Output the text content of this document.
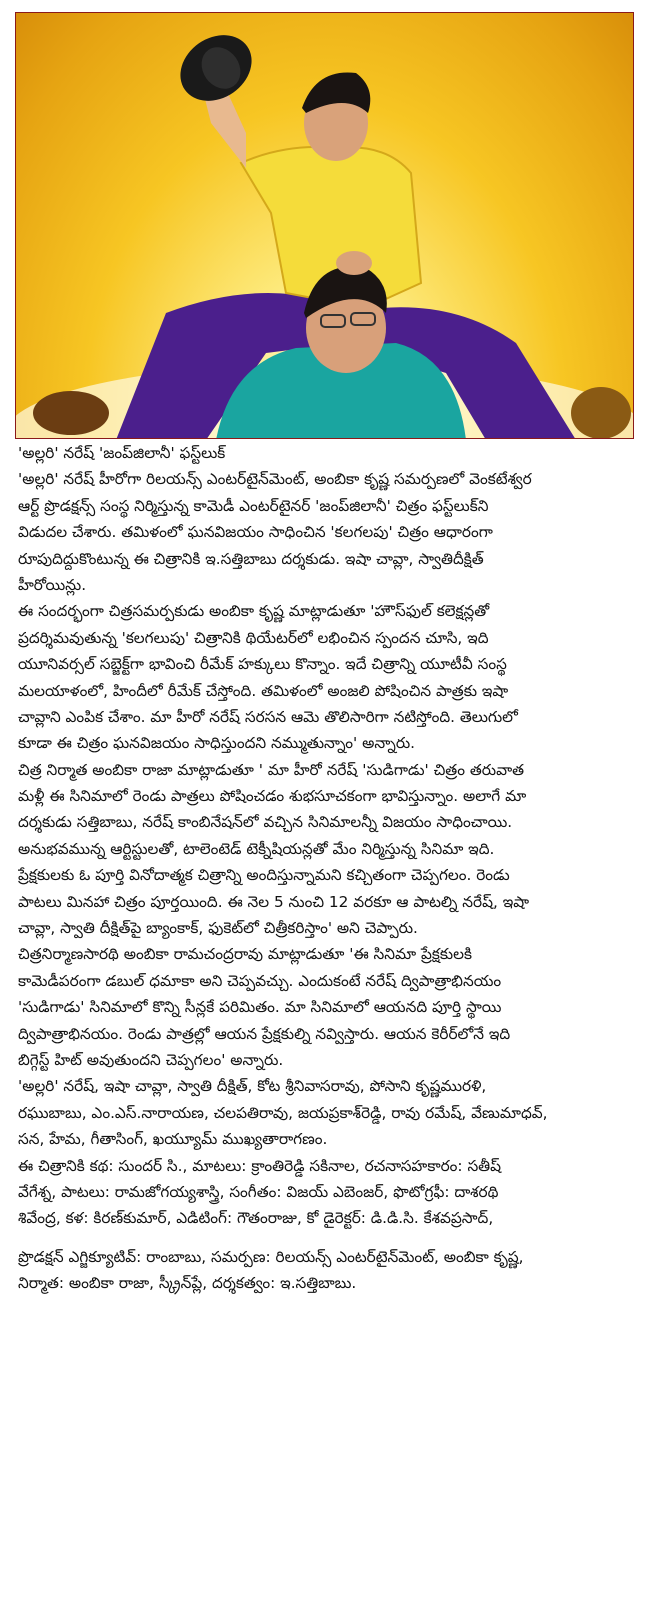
'అల్లరి' నరేష్ 'జంప్‌జిలానీ' ఫస్ట్‌లుక్
'అల్లరి' నరేష్ హీరోగా రిలయన్స్ ఎంటర్‌టైన్‌మెంట్, అంబికా కృష్ణ సమర్పణలో వెంకటేశ్వర
ఆర్ట్ ప్రొడక్షన్స్ సంస్థ నిర్మిస్తున్న కామెడీ ఎంటర్‌టైనర్ 'జంప్‌జిలానీ' చిత్రం ఫస్ట్‌లుక్‌ని
విడుదల చేశారు. తమిళంలో ఘనవిజయం సాధించిన 'కలగలపు' చిత్రం ఆధారంగా
రూపుదిద్దుకొంటున్న ఈ చిత్రానికి ఇ.సత్తిబాబు దర్శకుడు. ఇషా చావ్లా, స్వాతిదీక్షిత్
హీరోయిన్లు.
ఈ సందర్భంగా చిత్రసమర్పకుడు అంబికా కృష్ణ మాట్లాడుతూ 'హౌస్‌ఫుల్ కలెక్షన్లతో
ప్రదర్శిమవుతున్న 'కలగలుపు' చిత్రానికి థియేటర్‌లో లభించిన స్పందన చూసి, ఇది
యూనివర్సల్ సబ్జెక్ట్‌గా భావించి రీమేక్ హక్కులు కొన్నాం. ఇదే చిత్రాన్ని యూటీవీ సంస్థ
మలయాళంలో, హిందీలో రీమేక్ చేస్తోంది. తమిళంలో అంజలి పోషించిన పాత్రకు ఇషా
చావ్లాని ఎంపిక చేశాం. మా హీరో నరేష్ సరసన ఆమె తొలిసారిగా నటిస్తోంది. తెలుగులో
కూడా ఈ చిత్రం ఘనవిజయం సాధిస్తుందని నమ్ముతున్నాం' అన్నారు.
చిత్ర నిర్మాత అంబికా రాజా మాట్లాడుతూ ' మా హీరో నరేష్ 'సుడిగాడు' చిత్రం తరువాత
మళ్లీ ఈ సినిమాలో రెండు పాత్రలు పోషించడం శుభసూచకంగా భావిస్తున్నాం. అలాగే మా
దర్శకుడు సత్తిబాబు, నరేష్ కాంబినేషన్‌లో వచ్చిన సినిమాలన్నీ విజయం సాధించాయి.
అనుభవమున్న ఆర్టిస్టులతో, టాలెంటెడ్ టెక్నీషియన్లతో మేం నిర్మిస్తున్న సినిమా ఇది.
ప్రేక్షకులకు ఓ పూర్తి వినోదాత్మక చిత్రాన్ని అందిస్తున్నామని కచ్చితంగా చెప్పగలం. రెండు
పాటలు మినహా చిత్రం పూర్తయింది. ఈ నెల 5 నుంచి 12 వరకూ ఆ పాటల్ని నరేష్, ఇషా
చావ్లా, స్వాతి దీక్షిత్‌పై బ్యాంకాక్, ఫుకెట్‌లో చిత్రీకరిస్తాం' అని చెప్పారు.
చిత్రనిర్మాణసారథి అంబికా రామచంద్రరావు మాట్లాడుతూ 'ఈ సినిమా ప్రేక్షకులకి
కామెడీపరంగా డబుల్ ధమాకా అని చెప్పవచ్చు. ఎందుకంటే నరేష్ ద్విపాత్రాభినయం
'సుడిగాడు' సినిమాలో కొన్ని సీన్లకే పరిమితం. మా సినిమాలో ఆయనది పూర్తి స్థాయి
ద్విపాత్రాభినయం. రెండు పాత్రల్లో ఆయన ప్రేక్షకుల్ని నవ్విస్తారు. ఆయన కెరీర్‌లోనే ఇది
బిగ్గెస్ట్ హిట్ అవుతుందని చెప్పగలం' అన్నారు.
'అల్లరి' నరేష్, ఇషా చావ్లా, స్వాతి దీక్షిత్, కోట శ్రీనివాసరావు, పోసాని కృష్ణమురళి,
రఘుబాబు, ఎం.ఎస్.నారాయణ, చలపతిరావు, జయప్రకాశ్‌రెడ్డి, రావు రమేష్, వేణుమాధవ్,
సన, హేమ, గీతాసింగ్, ఖయ్యూమ్ ముఖ్యతారాగణం.
ఈ చిత్రానికి కథ: సుందర్ సి., మాటలు: క్రాంతిరెడ్డి సకినాల, రచనాసహకారం: సతీష్
వేగేశ్న, పాటలు: రామజోగయ్యశాస్త్రి, సంగీతం: విజయ్ ఎబెంజర్, ఫొటోగ్రఫీ: దాశరథి
శివేంద్ర, కళ: కిరణ్‌కుమార్, ఎడిటింగ్: గౌతంరాజు, కో డైరెక్టర్: డి.డి.సి. కేశవప్రసాద్,
ప్రొడక్షన్ ఎగ్జిక్యూటివ్: రాంబాబు, సమర్పణ: రిలయన్స్ ఎంటర్‌టైన్‌మెంట్, అంబికా కృష్ణ,
నిర్మాత: అంబికా రాజా, స్క్రీన్‌ప్లే, దర్శకత్వం: ఇ.సత్తిబాబు.
